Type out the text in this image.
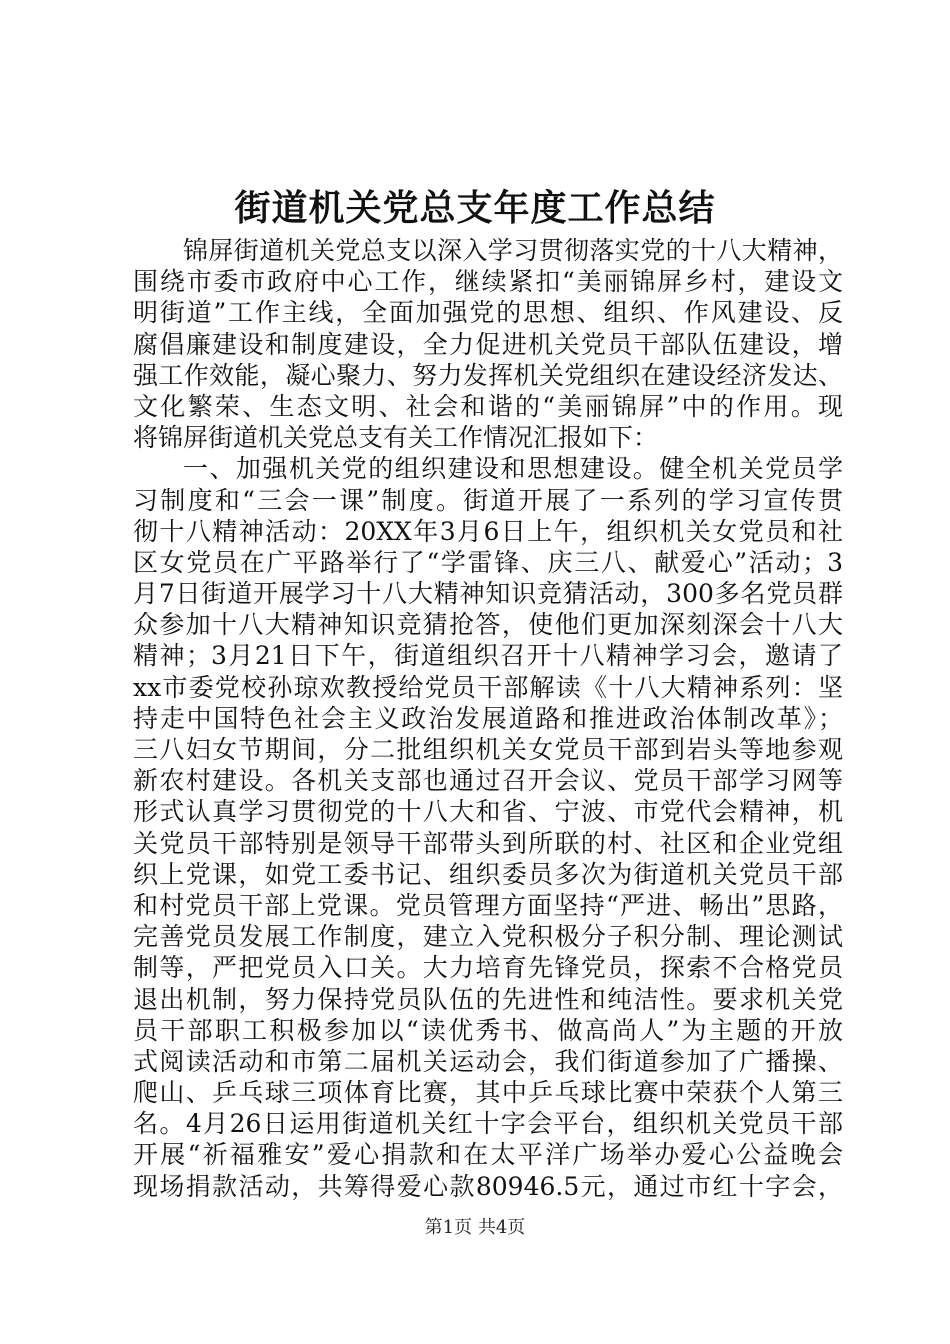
街道机关党总支年度工作总结
锦屏街道机关党总支以深入学习贯彻落实党的十八大精神，
围绕市委市政府中心工作，继续紧扣“美丽锦屏乡村，建设文
明街道”工作主线，全面加强党的思想、组织、作风建设、反
腐倡廉建设和制度建设，全力促进机关党员干部队伍建设，增
强工作效能，凝心聚力、努力发挥机关党组织在建设经济发达、
文化繁荣、生态文明、社会和谐的“美丽锦屏”中的作用。现
将锦屏街道机关党总支有关工作情况汇报如下：
一、加强机关党的组织建设和思想建设。健全机关党员学
习制度和“三会一课”制度。街道开展了一系列的学习宣传贯
彻十八精神活动：20XX年3月6日上午，组织机关女党员和社
区女党员在广平路举行了“学雷锋、庆三八、献爱心”活动；3
月7日街道开展学习十八大精神知识竞猜活动，300多名党员群
众参加十八大精神知识竞猜抢答，使他们更加深刻深会十八大
精神；3月21日下午，街道组织召开十八精神学习会，邀请了
xx市委党校孙琼欢教授给党员干部解读《十八大精神系列：坚
持走中国特色社会主义政治发展道路和推进政治体制改革》；
三八妇女节期间，分二批组织机关女党员干部到岩头等地参观
新农村建设。各机关支部也通过召开会议、党员干部学习网等
形式认真学习贯彻党的十八大和省、宁波、市党代会精神，机
关党员干部特别是领导干部带头到所联的村、社区和企业党组
织上党课，如党工委书记、组织委员多次为街道机关党员干部
和村党员干部上党课。党员管理方面坚持“严进、畅出”思路，
完善党员发展工作制度，建立入党积极分子积分制、理论测试
制等，严把党员入口关。大力培育先锋党员，探索不合格党员
退出机制，努力保持党员队伍的先进性和纯洁性。要求机关党
员干部职工积极参加以“读优秀书、做高尚人”为主题的开放
式阅读活动和市第二届机关运动会，我们街道参加了广播操、
爬山、乒乓球三项体育比赛，其中乒乓球比赛中荣获个人第三
名。4月26日运用街道机关红十字会平台，组织机关党员干部
开展“祈福雅安”爱心捐款和在太平洋广场举办爱心公益晚会
现场捐款活动，共筹得爱心款80946.5元，通过市红十字会，
第1页 共4页
